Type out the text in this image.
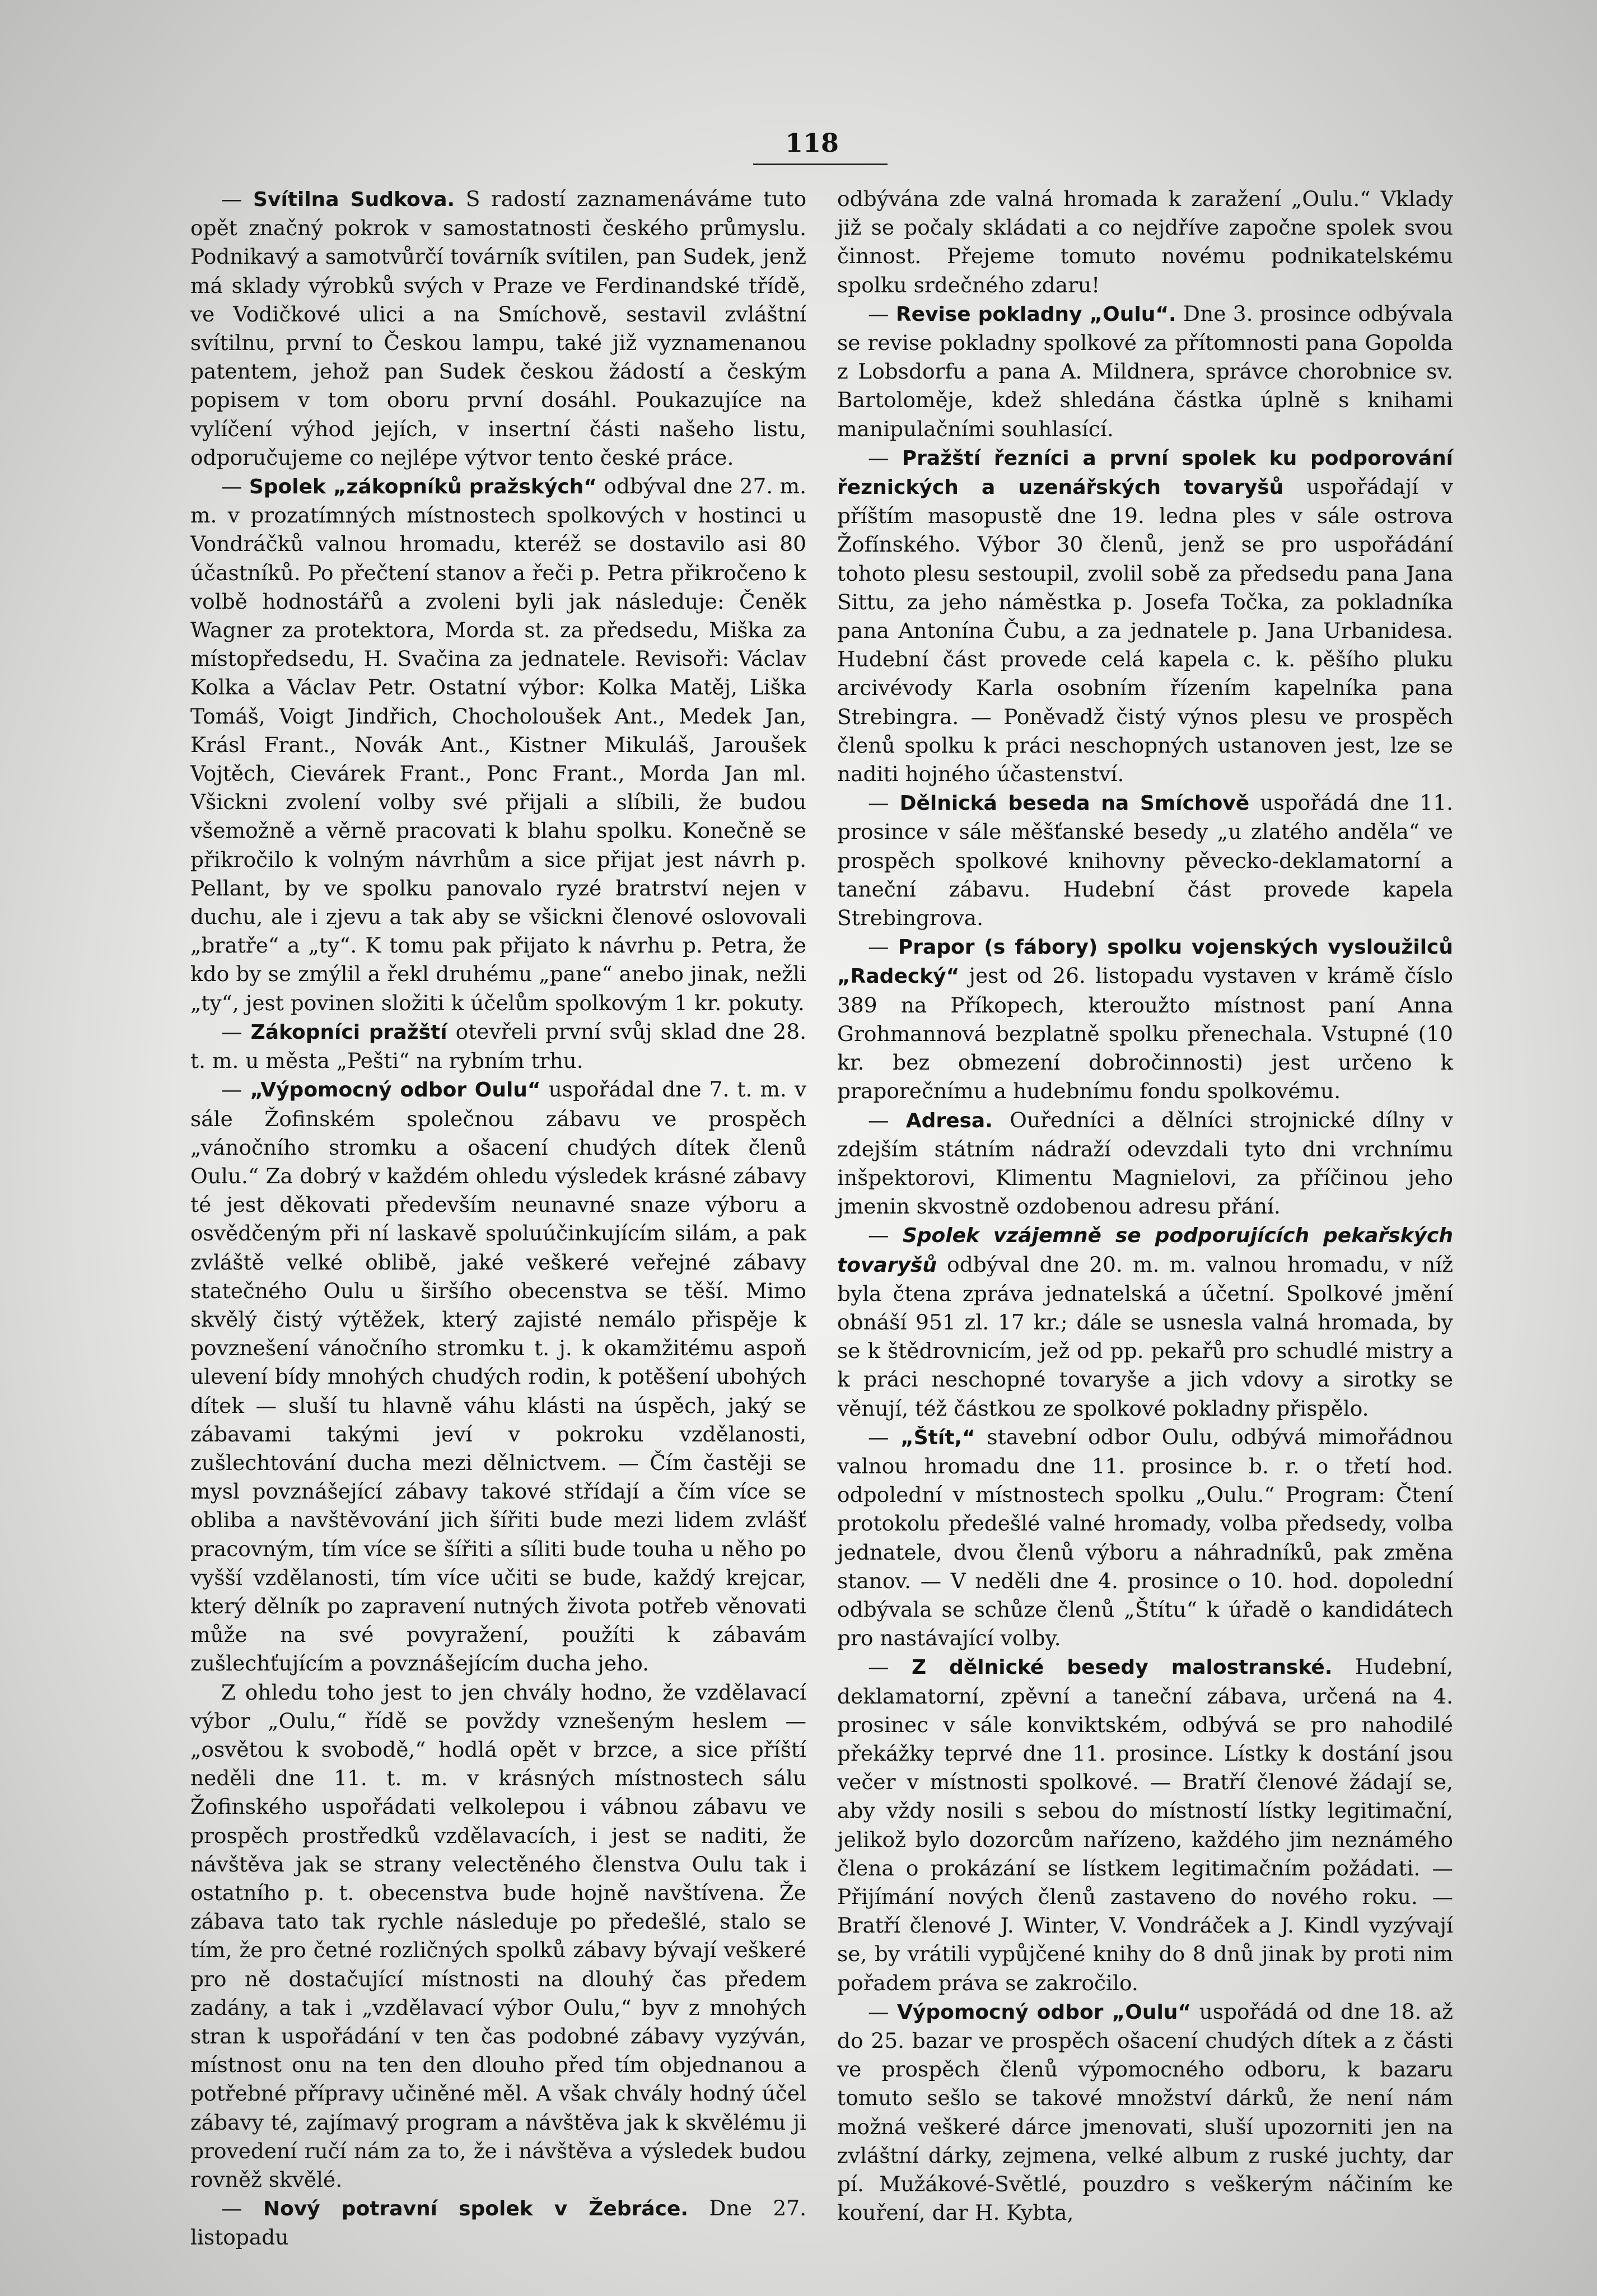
118

— Svítilna Sudkova. S radostí zaznamenáváme tuto opět značný pokrok v samostatnosti českého průmyslu. Podnikavý a samotvůrčí továrník svítilen, pan Sudek, jenž má sklady výrobků svých v Praze ve Ferdinandské třídě, ve Vodičkové ulici a na Smíchově, sestavil zvláštní svítilnu, první to Českou lampu, také již vyznamenanou patentem, jehož pan Sudek českou žádostí a českým popisem v tom oboru první dosáhl. Poukazujíce na vylíčení výhod jejích, v insertní části našeho listu, odporučujeme co nejlépe výtvor tento české práce.

— Spolek „zákopníků pražských“ odbýval dne 27. m. m. v prozatímných místnostech spolkových v hostinci u Vondráčků valnou hromadu, kteréž se dostavilo asi 80 účastníků. Po přečtení stanov a řeči p. Petra přikročeno k volbě hodnostářů a zvoleni byli jak následuje: Čeněk Wagner za protektora, Morda st. za předsedu, Miška za místopředsedu, H. Svačina za jednatele. Revisoři: Václav Kolka a Václav Petr. Ostatní výbor: Kolka Matěj, Liška Tomáš, Voigt Jindřich, Chocholoušek Ant., Medek Jan, Krásl Frant., Novák Ant., Kistner Mikuláš, Jaroušek Vojtěch, Cievárek Frant., Ponc Frant., Morda Jan ml. Všickni zvolení volby své přijali a slíbili, že budou všemožně a věrně pracovati k blahu spolku. Konečně se přikročilo k volným návrhům a sice přijat jest návrh p. Pellant, by ve spolku panovalo ryzé bratrství nejen v duchu, ale i zjevu a tak aby se všickni členové oslovovali „bratře“ a „ty“. K tomu pak přijato k návrhu p. Petra, že kdo by se zmýlil a řekl druhému „pane“ anebo jinak, nežli „ty“, jest povinen složiti k účelům spolkovým 1 kr. pokuty.

— Zákopníci pražští otevřeli první svůj sklad dne 28. t. m. u města „Pešti“ na rybním trhu.

— „Výpomocný odbor Oulu“ uspořádal dne 7. t. m. v sále Žofinském společnou zábavu ve prospěch „vánočního stromku a ošacení chudých dítek členů Oulu.“ Za dobrý v každém ohledu výsledek krásné zábavy té jest děkovati především neunavné snaze výboru a osvědčeným při ní laskavě spoluúčinkujícím silám, a pak zvláště velké oblibě, jaké veškeré veřejné zábavy statečného Oulu u širšího obecenstva se těší. Mimo skvělý čistý výtěžek, který zajisté nemálo přispěje k povznešení vánočního stromku t. j. k okamžitému aspoň ulevení bídy mnohých chudých rodin, k potěšení ubohých dítek — sluší tu hlavně váhu klásti na úspěch, jaký se zábavami takými jeví v pokroku vzdělanosti, zušlechtování ducha mezi dělnictvem. — Čím častěji se mysl povznášející zábavy takové střídají a čím více se obliba a navštěvování jich šířiti bude mezi lidem zvlášť pracovným, tím více se šířiti a síliti bude touha u něho po vyšší vzdělanosti, tím více učiti se bude, každý krejcar, který dělník po zapravení nutných života potřeb věnovati může na své povyražení, použíti k zábavám zušlechťujícím a povznášejícím ducha jeho.

Z ohledu toho jest to jen chvály hodno, že vzdělavací výbor „Oulu,“ řídě se povždy vznešeným heslem — „osvětou k svobodě,“ hodlá opět v brzce, a sice příští neděli dne 11. t. m. v krásných místnostech sálu Žofinského uspořádati velkolepou i vábnou zábavu ve prospěch prostředků vzdělavacích, i jest se naditi, že návštěva jak se strany velectěného členstva Oulu tak i ostatního p. t. obecenstva bude hojně navštívena. Že zábava tato tak rychle následuje po předešlé, stalo se tím, že pro četné rozličných spolků zábavy bývají veškeré pro ně dostačující místnosti na dlouhý čas předem zadány, a tak i „vzdělavací výbor Oulu,“ byv z mnohých stran k uspořádání v ten čas podobné zábavy vyzýván, místnost onu na ten den dlouho před tím objednanou a potřebné přípravy učiněné měl. A však chvály hodný účel zábavy té, zajímavý program a návštěva jak k skvělému ji provedení ručí nám za to, že i návštěva a výsledek budou rovněž skvělé.

— Nový potravní spolek v Žebráce. Dne 27. listopadu

odbývána zde valná hromada k zaražení „Oulu.“ Vklady již se počaly skládati a co nejdříve započne spolek svou činnost. Přejeme tomuto novému podnikatelskému spolku srdečného zdaru!

— Revise pokladny „Oulu“. Dne 3. prosince odbývala se revise pokladny spolkové za přítomnosti pana Gopolda z Lobsdorfu a pana A. Mildnera, správce chorobnice sv. Bartoloměje, kdež shledána částka úplně s knihami manipulačními souhlasící.

— Pražští řezníci a první spolek ku podporování řeznických a uzenářských tovaryšů uspořádají v příštím masopustě dne 19. ledna ples v sále ostrova Žofínského. Výbor 30 členů, jenž se pro uspořádání tohoto plesu sestoupil, zvolil sobě za předsedu pana Jana Sittu, za jeho náměstka p. Josefa Točka, za pokladníka pana Antonína Čubu, a za jednatele p. Jana Urbanidesa. Hudební část provede celá kapela c. k. pěšího pluku arcivévody Karla osobním řízením kapelníka pana Strebingra. — Poněvadž čistý výnos plesu ve prospěch členů spolku k práci neschopných ustanoven jest, lze se naditi hojného účastenství.

— Dělnická beseda na Smíchově uspořádá dne 11. prosince v sále měšťanské besedy „u zlatého anděla“ ve prospěch spolkové knihovny pěvecko-deklamatorní a taneční zábavu. Hudební část provede kapela Strebingrova.

— Prapor (s fábory) spolku vojenských vysloužilců „Radecký“ jest od 26. listopadu vystaven v krámě číslo 389 na Příkopech, kteroužto místnost paní Anna Grohmannová bezplatně spolku přenechala. Vstupné (10 kr. bez obmezení dobročinnosti) jest určeno k praporečnímu a hudebnímu fondu spolkovému.

— Adresa. Ouředníci a dělníci strojnické dílny v zdejším státním nádraží odevzdali tyto dni vrchnímu inšpektorovi, Klimentu Magnielovi, za příčinou jeho jmenin skvostně ozdobenou adresu přání.

— Spolek vzájemně se podporujících pekařských tovaryšů odbýval dne 20. m. m. valnou hromadu, v níž byla čtena zpráva jednatelská a účetní. Spolkové jmění obnáší 951 zl. 17 kr.; dále se usnesla valná hromada, by se k štědrovnicím, jež od pp. pekařů pro schudlé mistry a k práci neschopné tovaryše a jich vdovy a sirotky se věnují, též částkou ze spolkové pokladny přispělo.

— „Štít,“ stavební odbor Oulu, odbývá mimořádnou valnou hromadu dne 11. prosince b. r. o třetí hod. odpolední v místnostech spolku „Oulu.“ Program: Čtení protokolu předešlé valné hromady, volba předsedy, volba jednatele, dvou členů výboru a náhradníků, pak změna stanov. — V neděli dne 4. prosince o 10. hod. dopolední odbývala se schůze členů „Štítu“ k úřadě o kandidátech pro nastávající volby.

— Z dělnické besedy malostranské. Hudební, deklamatorní, zpěvní a taneční zábava, určená na 4. prosinec v sále konviktském, odbývá se pro nahodilé překážky teprvé dne 11. prosince. Lístky k dostání jsou večer v místnosti spolkové. — Bratří členové žádají se, aby vždy nosili s sebou do místností lístky legitimační, jelikož bylo dozorcům nařízeno, každého jim neznámého člena o prokázání se lístkem legitimačním požádati. — Přijímání nových členů zastaveno do nového roku. — Bratří členové J. Winter, V. Vondráček a J. Kindl vyzývají se, by vrátili vypůjčené knihy do 8 dnů jinak by proti nim pořadem práva se zakročilo.

— Výpomocný odbor „Oulu“ uspořádá od dne 18. až do 25. bazar ve prospěch ošacení chudých dítek a z části ve prospěch členů výpomocného odboru, k bazaru tomuto sešlo se takové množství dárků, že není nám možná veškeré dárce jmenovati, sluší upozorniti jen na zvláštní dárky, zejmena, velké album z ruské juchty, dar pí. Mužákové-Světlé, pouzdro s veškerým náčiním ke kouření, dar H. Kybta,
